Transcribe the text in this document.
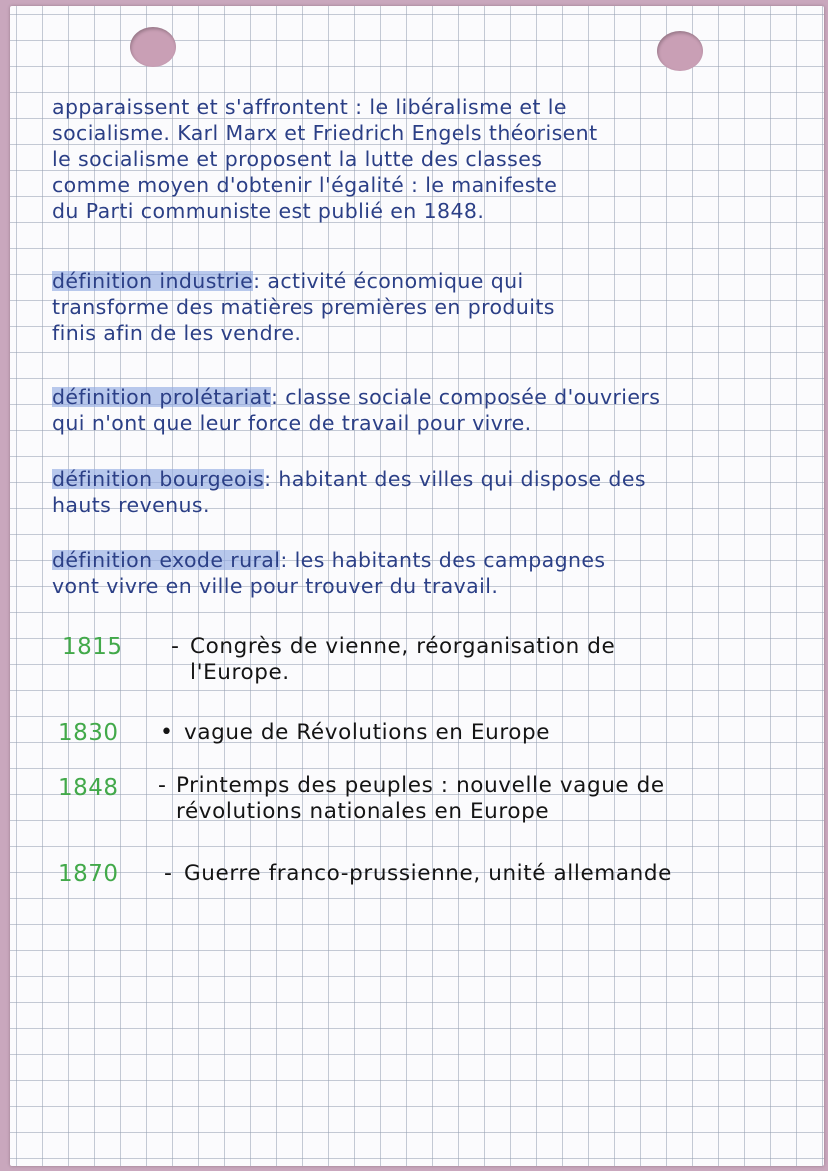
apparaissent et s'affrontent : le libéralisme et le
socialisme. Karl Marx et Friedrich Engels théorisent
le socialisme et proposent la lutte des classes
comme moyen d'obtenir l'égalité : le manifeste
du Parti communiste est publié en 1848.
définition industrie: activité économique qui
transforme des matières premières en produits
finis afin de les vendre.
définition prolétariat: classe sociale composée d'ouvriers
qui n'ont que leur force de travail pour vivre.
définition bourgeois: habitant des villes qui dispose des
hauts revenus.
définition exode rural: les habitants des campagnes
vont vivre en ville pour trouver du travail.
1815 - Congrès de vienne, réorganisation de
l'Europe.
1830 • vague de Révolutions en Europe
1848 - Printemps des peuples : nouvelle vague de
révolutions nationales en Europe
1870 - Guerre franco-prussienne, unité allemande
